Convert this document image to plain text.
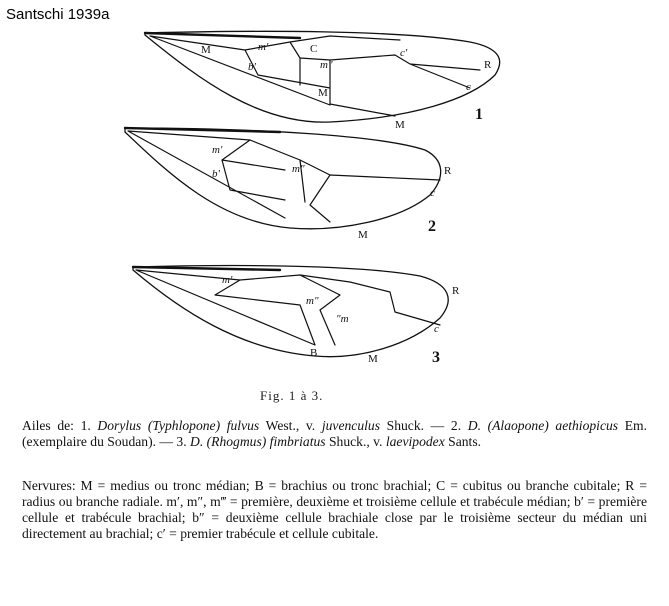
Santschi 1939a
M	m'	C	c'
R
b'	m"
M	c
M
1
m'
b'	m"	R
c
M	2
m'
m"
"m
R
c
B	M	3
Fig. 1 à 3.
Ailes de: 1. Dorylus (Typhlopone) fulvus West., v. juvenculus Shuck. — 2. D. (Alaopone) aethiopicus Em. (exemplaire du Soudan). — 3. D. (Rhogmus) fimbriatus Shuck., v. laevipodex Sants.
Nervures: M = medius ou tronc médian; B = brachius ou tronc brachial; C = cubitus ou branche cubitale; R = radius ou branche radiale. m′, m″, m‴ = première, deuxième et troisième cellule et trabécule médian; b′ = première cellule et trabécule brachial; b″ = deuxième cellule brachiale close par le troisième secteur du médian uni directement au brachial; c′ = premier trabécule et cellule cubitale.
